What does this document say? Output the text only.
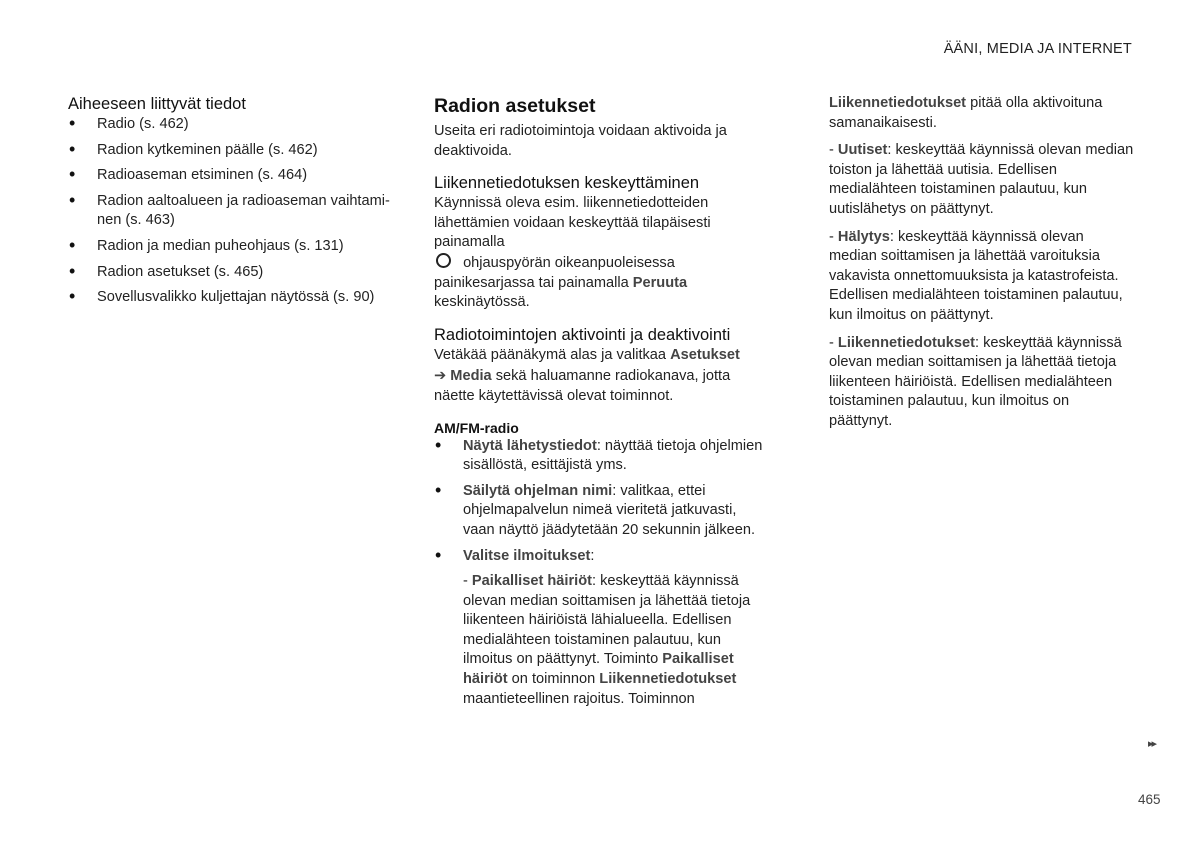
ÄÄNI, MEDIA JA INTERNET
Aiheeseen liittyvät tiedot
• Radio (s. 462)
• Radion kytkeminen päälle (s. 462)
• Radioaseman etsiminen (s. 464)
• Radion aaltoalueen ja radioaseman vaihtami-nen (s. 463)
• Radion ja median puheohjaus (s. 131)
• Radion asetukset (s. 465)
• Sovellusvalikko kuljettajan näytössä (s. 90)
Radion asetukset

Useita eri radiotoimintoja voidaan aktivoida ja deaktivoida.

Liikennetiedotuksen keskeyttäminen

Käynnissä oleva esim. liikennetiedotteiden lähettämien voidaan keskeyttää tilapäisesti painamalla
ohjauspyörän oikeanpuoleisessa painikesarjassa tai painamalla Peruuta keskinäytössä.

Radiotoimintojen aktivointi ja deaktivointi

Vetäkää päänäkymä alas ja valitkaa Asetukset

➔ Media sekä haluamanne radiokanava, jotta näette käytettävissä olevat toiminnot.

AM/FM-radio
• Näytä lähetystiedot: näyttää tietoja ohjelmien sisällöstä, esittäjistä yms.
• Säilytä ohjelman nimi: valitkaa, ettei ohjelmapalvelun nimeä vieritetä jatkuvasti, vaan näyttö jäädytetään 20 sekunnin jälkeen.
• Valitse ilmoitukset:

- Paikalliset häiriöt: keskeyttää käynnissä olevan median soittamisen ja lähettää tietoja liikenteen häiriöistä lähialueella. Edellisen medialähteen toistaminen palautuu, kun ilmoitus on päättynyt. Toiminto Paikalliset häiriöt on toiminnon Liikennetiedotukset maantieteellinen rajoitus. Toiminnon

Liikennetiedotukset pitää olla aktivoituna samanaikaisesti.

- Uutiset: keskeyttää käynnissä olevan median toiston ja lähettää uutisia. Edellisen medialähteen toistaminen palautuu, kun uutislähetys on päättynyt.

- Hälytys: keskeyttää käynnissä olevan median soittamisen ja lähettää varoituksia vakavista onnettomuuksista ja katastrofeista. Edellisen medialähteen toistaminen palautuu, kun ilmoitus on päättynyt.

- Liikennetiedotukset: keskeyttää käynnissä olevan median soittamisen ja lähettää tietoja liikenteen häiriöistä. Edellisen medialähteen toistaminen palautuu, kun ilmoitus on päättynyt.

▸▸
465
